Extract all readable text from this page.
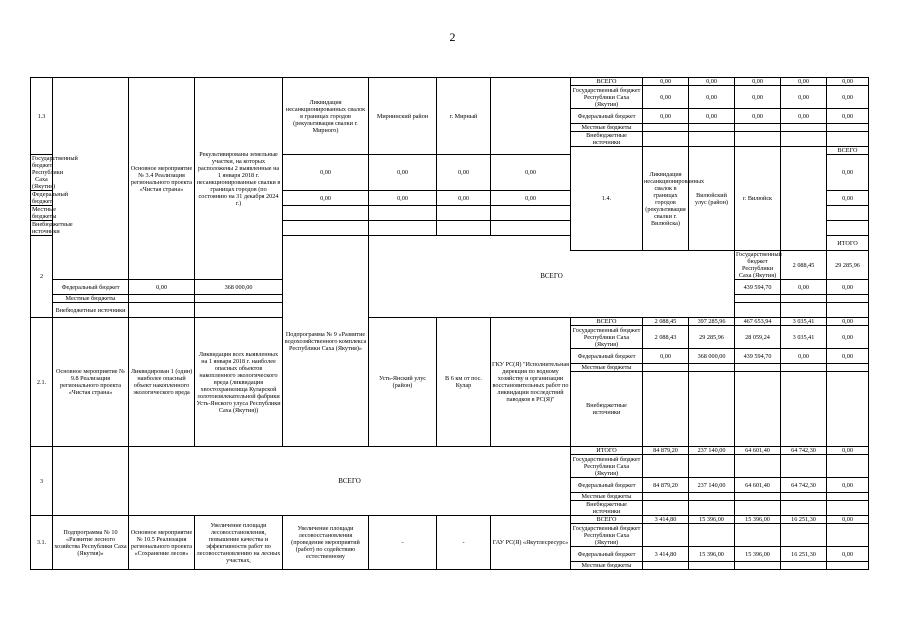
2
1.3		Основное мероприятие № 3.4 Реализация регионального проекта «Чистая страна»	Рекультивированы земельные участки, на которых расположены 2 выявленные на 1 января 2018 г. несанкционированные свалки в границах городов (по состоянию на 31 декабря 2024 г.)	Ликвидация несанкционированных свалок в границах городов (рекультивация свалки г. Мирного)	Мирнинский район	г. Мирный		ВСЕГО	0,00	0,00	0,00	0,00	0,00	
								Государственный бюджет Республики Саха (Якутия)	0,00	0,00	0,00	0,00	0,00	
								Федеральный бюджет	0,00	0,00	0,00	0,00	0,00	
								Местные бюджеты						
								Внебюджетные источники						
								1.4.	Ликвидация несанкционированных свалок в границах городов (рекультивация свалки г. Вилюйска)	Вилюйский улус (район)	г. Вилюйск		ВСЕГО					
Государственный бюджет Республики Саха (Якутия)				0,00	0,00	0,00	0,00						0,00	
Федеральный бюджет				0,00	0,00	0,00	0,00						0,00	
Местные бюджеты														
Внебюджетные источники														
2				Подпрограмма № 9 «Развитие водохозяйственного комплекса Республики Саха (Якутия)»	ВСЕГО								ИТОГО					
											Государственный бюджет Республики Саха (Якутия)	2 088,45	29 285,96			
	Федеральный бюджет	0,00	368 000,00								439 594,70	0,00	0,00	
	Местные бюджеты													
	Внебюджетные источники													
2.1.	Основное мероприятие № 9.8 Реализация регионального проекта «Чистая страна»	Ликвидирован 1 (один) наиболее опасный объект накопленного экологического вреда	Ликвидация всех выявленных на 1 января 2018 г. наиболее опасных объектов накопленного экологического вреда (ликвидация хвостохранилища Куларской золотоизвлекательной фабрики Усть-Янского улуса Республики Саха (Якутия))		Усть-Янский улус (район)	В 6 км от пос. Кулар	ГКУ РС(Я) "Исполнительная дирекция по водному хозяйству и организации восстановительных работ по ликвидации последствий паводков в РС(Я)"	ВСЕГО	2 088,45	397 285,96	467 653,94	3 035,41	0,00	
								Государственный бюджет Республики Саха (Якутия)	2 088,43	29 285,96	28 059,24	3 035,41	0,00	
								Федеральный бюджет	0,00	368 000,00	439 594,70	0,00	0,00	
								Местные бюджеты						
								Внебюджетные источники						
3		ВСЕГО						ИТОГО	84 879,20	237 140,00	64 601,40	64 742,30	0,00	
								Государственный бюджет Республики Саха (Якутия)						
								Федеральный бюджет	84 879,20	237 140,00	64 601,40	64 742,30	0,00	
								Местные бюджеты						
								Внебюджетные источники						
3.1.	Подпрограмма № 10 «Развитие лесного хозяйства Республики Саха (Якутия)»	Основное мероприятие № 10.5 Реализация регионального проекта «Сохранение лесов»	Увеличение площади лесовосстановления, повышение качества и эффективности работ по лесовосстановлению на лесных участках,	Увеличение площади лесовосстановления (проведение мероприятий (работ) по содействию естественному	-	-	ГАУ РС(Я) «Якутлесресурс»	ВСЕГО	3 414,80	15 396,00	15 396,00	16 251,30	0,00	
								Государственный бюджет Республики Саха (Якутия)						
								Федеральный бюджет	3 414,80	15 396,00	15 396,00	16 251,30	0,00	
								Местные бюджеты						
